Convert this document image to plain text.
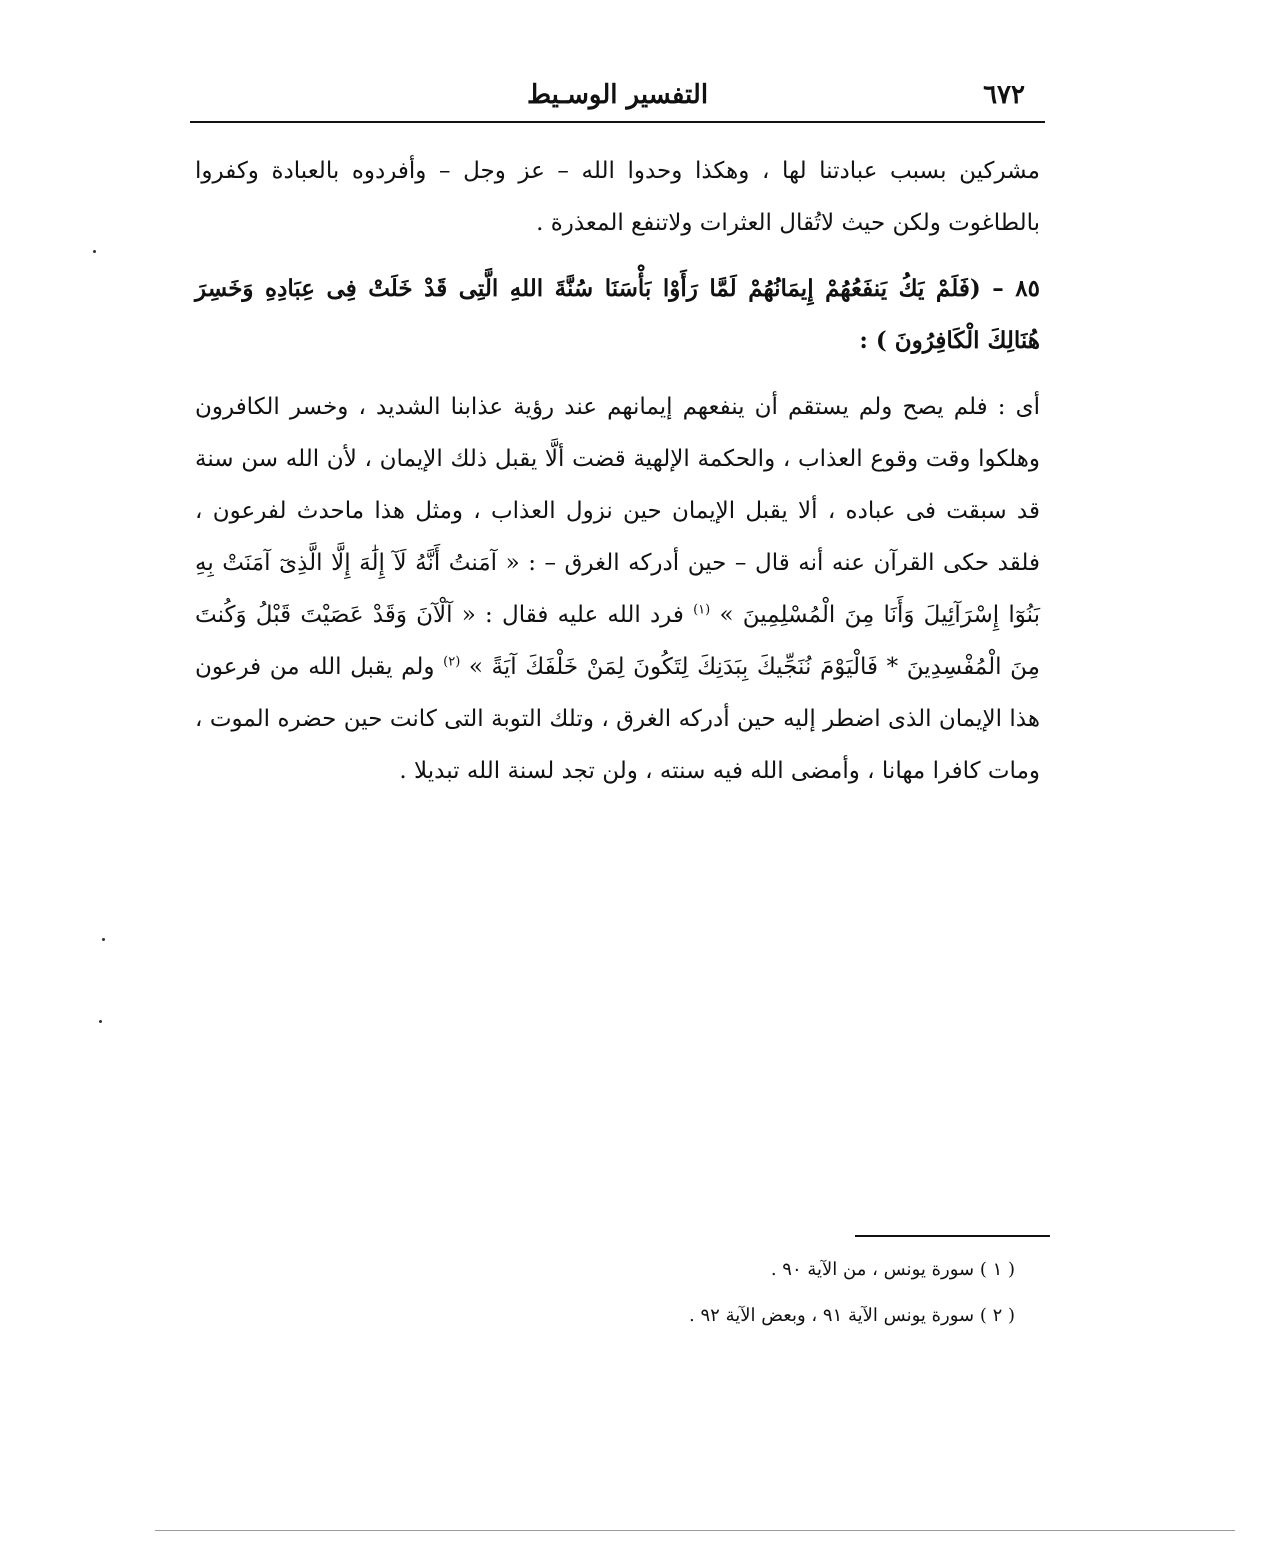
٦٧٢
التفسير الوسـيط

مشركين بسبب عبادتنا لها ، وهكذا وحدوا الله – عز وجل – وأفردوه بالعبادة وكفروا بالطاغوت ولكن حيث لاتُقال العثرات ولاتنفع المعذرة .

٨٥ – (فَلَمْ يَكُ يَنفَعُهُمْ إِيمَانُهُمْ لَمَّا رَأَوْا بَأْسَنَا سُنَّةَ اللهِ الَّتِى قَدْ خَلَتْ فِى عِبَادِهِ وَخَسِرَ هُنَالِكَ الْكَافِرُونَ ) :

أى : فلم يصح ولم يستقم أن ينفعهم إيمانهم عند رؤية عذابنا الشديد ، وخسر الكافرون وهلكوا وقت وقوع العذاب ، والحكمة الإلهية قضت ألَّا يقبل ذلك الإيمان ، لأن الله سن سنة قد سبقت فى عباده ، ألا يقبل الإيمان حين نزول العذاب ، ومثل هذا ماحدث لفرعون ، فلقد حكى القرآن عنه أنه قال – حين أدركه الغرق – : « آمَنتُ أَنَّهُ لَآ إِلَٰهَ إِلَّا الَّذِىٓ آمَنَتْ بِهِ بَنُوٓا إِسْرَآئِيلَ وَأَنَا مِنَ الْمُسْلِمِينَ » $^{(١)}$ فرد الله عليه فقال : « آلْآنَ وَقَدْ عَصَيْتَ قَبْلُ وَكُنتَ مِنَ الْمُفْسِدِينَ * فَالْيَوْمَ نُنَجِّيكَ بِبَدَنِكَ لِتَكُونَ لِمَنْ خَلْفَكَ آيَةً » $^{(٢)}$ ولم يقبل الله من فرعون هذا الإيمان الذى اضطر إليه حين أدركه الغرق ، وتلك التوبة التى كانت حين حضره الموت ، ومات كافرا مهانا ، وأمضى الله فيه سنته ، ولن تجد لسنة الله تبديلا .

( ١ ) سورة يونس ، من الآية ٩٠ .

( ٢ ) سورة يونس الآية ٩١ ، وبعض الآية ٩٢ .
